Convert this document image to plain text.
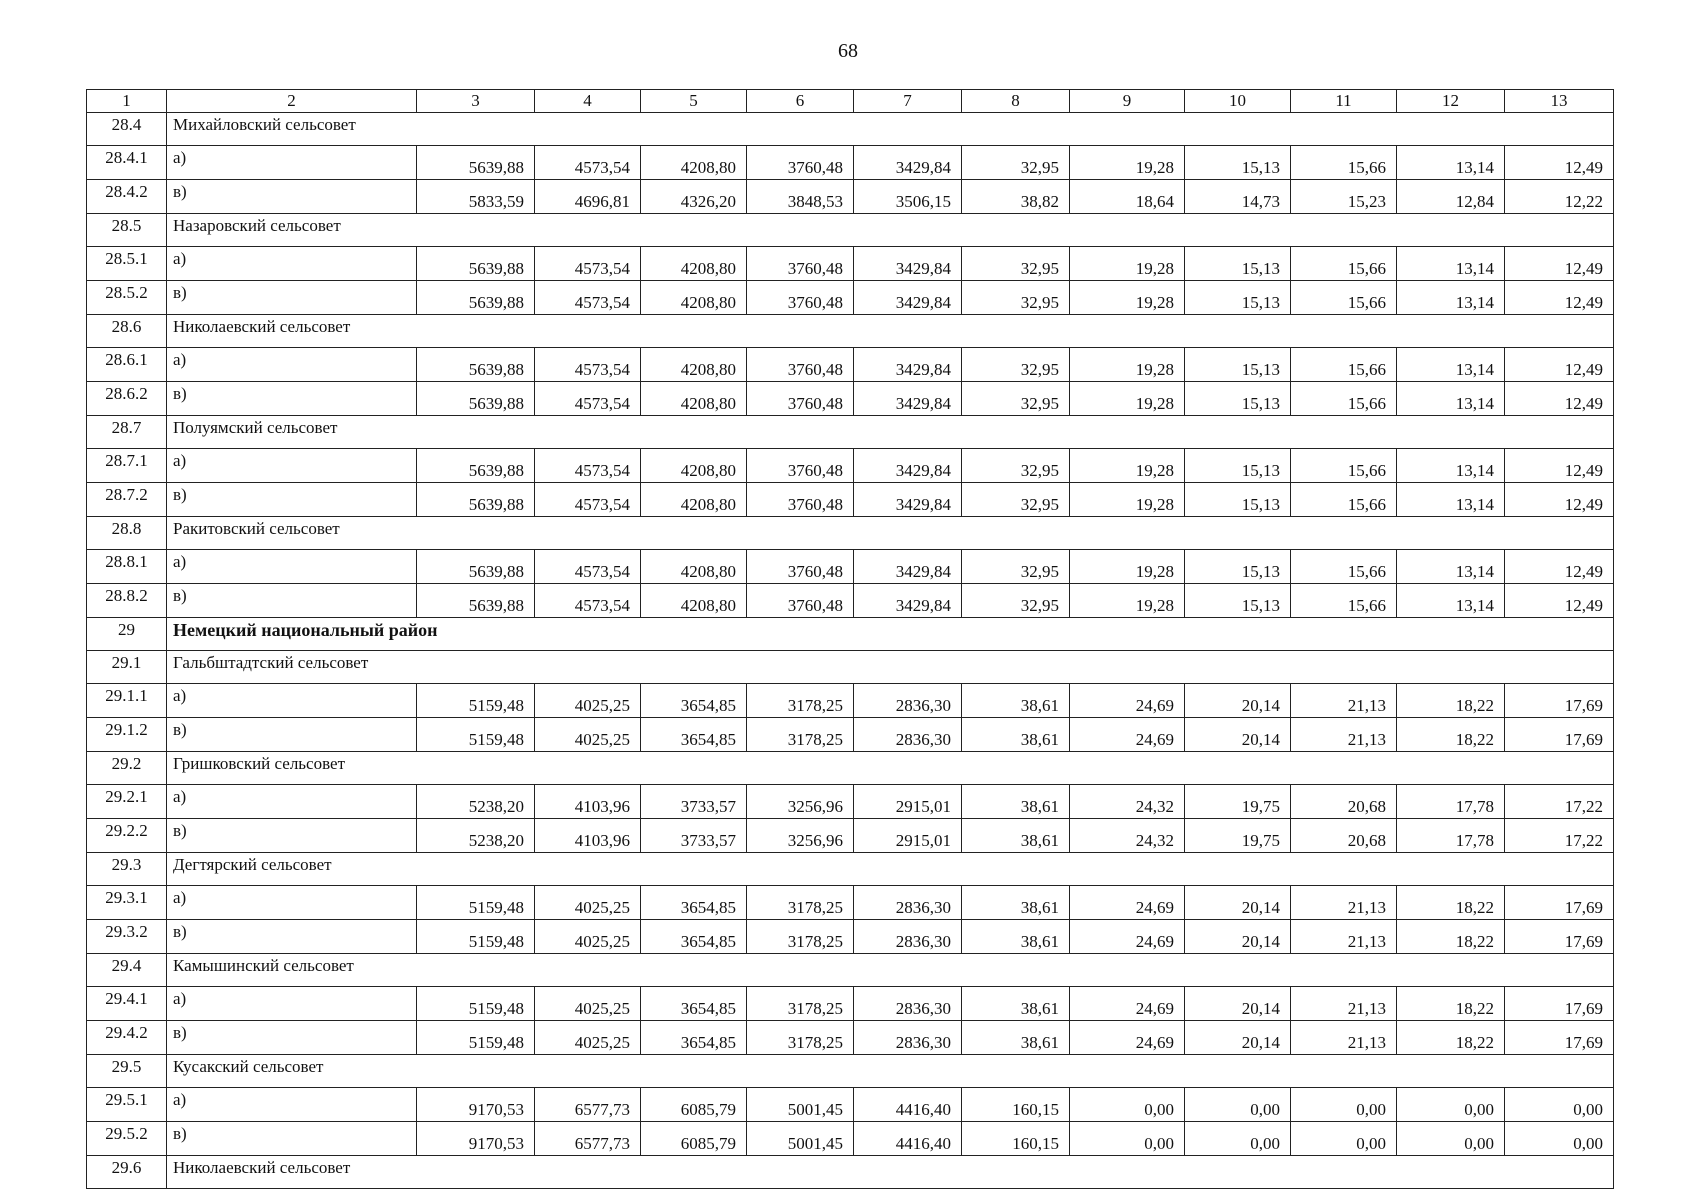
68
1	2	3	4	5	6	7	8	9	10	11	12	13
28.4	Михайловский сельсовет											
28.4.1	а)	5639,88	4573,54	4208,80	3760,48	3429,84	32,95	19,28	15,13	15,66	13,14	12,49
28.4.2	в)	5833,59	4696,81	4326,20	3848,53	3506,15	38,82	18,64	14,73	15,23	12,84	12,22
28.5	Назаровский сельсовет											
28.5.1	а)	5639,88	4573,54	4208,80	3760,48	3429,84	32,95	19,28	15,13	15,66	13,14	12,49
28.5.2	в)	5639,88	4573,54	4208,80	3760,48	3429,84	32,95	19,28	15,13	15,66	13,14	12,49
28.6	Николаевский сельсовет											
28.6.1	а)	5639,88	4573,54	4208,80	3760,48	3429,84	32,95	19,28	15,13	15,66	13,14	12,49
28.6.2	в)	5639,88	4573,54	4208,80	3760,48	3429,84	32,95	19,28	15,13	15,66	13,14	12,49
28.7	Полуямский сельсовет											
28.7.1	а)	5639,88	4573,54	4208,80	3760,48	3429,84	32,95	19,28	15,13	15,66	13,14	12,49
28.7.2	в)	5639,88	4573,54	4208,80	3760,48	3429,84	32,95	19,28	15,13	15,66	13,14	12,49
28.8	Ракитовский сельсовет											
28.8.1	а)	5639,88	4573,54	4208,80	3760,48	3429,84	32,95	19,28	15,13	15,66	13,14	12,49
28.8.2	в)	5639,88	4573,54	4208,80	3760,48	3429,84	32,95	19,28	15,13	15,66	13,14	12,49
29	Немецкий национальный район											
29.1	Гальбштадтский сельсовет											
29.1.1	а)	5159,48	4025,25	3654,85	3178,25	2836,30	38,61	24,69	20,14	21,13	18,22	17,69
29.1.2	в)	5159,48	4025,25	3654,85	3178,25	2836,30	38,61	24,69	20,14	21,13	18,22	17,69
29.2	Гришковский сельсовет											
29.2.1	а)	5238,20	4103,96	3733,57	3256,96	2915,01	38,61	24,32	19,75	20,68	17,78	17,22
29.2.2	в)	5238,20	4103,96	3733,57	3256,96	2915,01	38,61	24,32	19,75	20,68	17,78	17,22
29.3	Дегтярский сельсовет											
29.3.1	а)	5159,48	4025,25	3654,85	3178,25	2836,30	38,61	24,69	20,14	21,13	18,22	17,69
29.3.2	в)	5159,48	4025,25	3654,85	3178,25	2836,30	38,61	24,69	20,14	21,13	18,22	17,69
29.4	Камышинский сельсовет											
29.4.1	а)	5159,48	4025,25	3654,85	3178,25	2836,30	38,61	24,69	20,14	21,13	18,22	17,69
29.4.2	в)	5159,48	4025,25	3654,85	3178,25	2836,30	38,61	24,69	20,14	21,13	18,22	17,69
29.5	Кусакский сельсовет											
29.5.1	а)	9170,53	6577,73	6085,79	5001,45	4416,40	160,15	0,00	0,00	0,00	0,00	0,00
29.5.2	в)	9170,53	6577,73	6085,79	5001,45	4416,40	160,15	0,00	0,00	0,00	0,00	0,00
29.6	Николаевский сельсовет											
